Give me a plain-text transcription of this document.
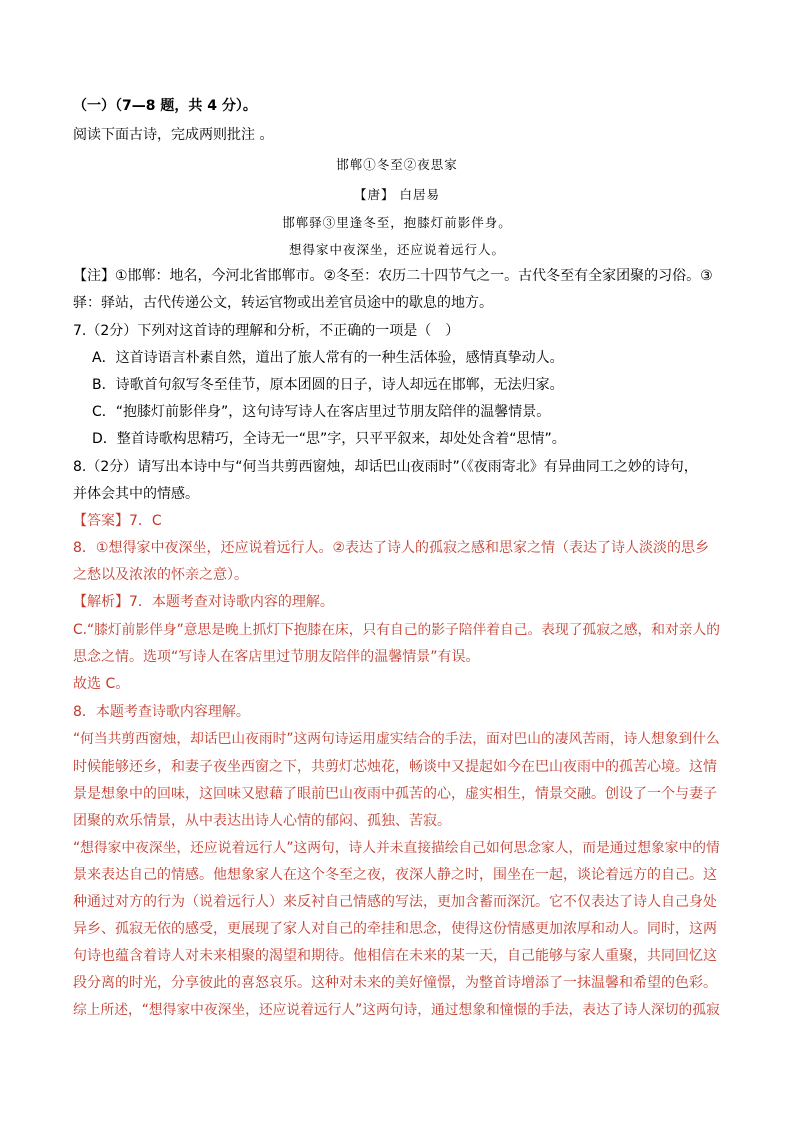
（一）（7—8 题，共 4 分）。
阅读下面古诗，完成两则批注 。
邯郸①冬至②夜思家
【唐】 白居易
邯郸驿③里逢冬至，抱膝灯前影伴身。
想得家中夜深坐，还应说着远行人。
【注】①邯郸：地名，今河北省邯郸市。②冬至：农历二十四节气之一。古代冬至有全家团聚的习俗。③
驿：驿站，古代传递公文，转运官物或出差官员途中的歇息的地方。
7.（2分）下列对这首诗的理解和分析，不正确的一项是（　）
A．这首诗语言朴素自然，道出了旅人常有的一种生活体验，感情真挚动人。
B．诗歌首句叙写冬至佳节，原本团圆的日子，诗人却远在邯郸，无法归家。
C．“抱膝灯前影伴身”，这句诗写诗人在客店里过节朋友陪伴的温馨情景。
D．整首诗歌构思精巧，全诗无一“思”字，只平平叙来，却处处含着“思情”。
8.（2分）请写出本诗中与“何当共剪西窗烛，却话巴山夜雨时”（《夜雨寄北》有异曲同工之妙的诗句，
并体会其中的情感。
【答案】7．C
8．①想得家中夜深坐，还应说着远行人。②表达了诗人的孤寂之感和思家之情（表达了诗人淡淡的思乡
之愁以及浓浓的怀亲之意）。
【解析】7．本题考查对诗歌内容的理解。
C.“膝灯前影伴身”意思是晚上抓灯下抱膝在床，只有自己的影子陪伴着自己。表现了孤寂之感，和对亲人的
思念之情。选项“写诗人在客店里过节朋友陪伴的温馨情景”有误。
故选 C。
8．本题考查诗歌内容理解。
“何当共剪西窗烛，却话巴山夜雨时”这两句诗运用虚实结合的手法，面对巴山的凄风苦雨，诗人想象到什么
时候能够还乡，和妻子夜坐西窗之下，共剪灯芯烛花，畅谈中又提起如今在巴山夜雨中的孤苦心境。这情
景是想象中的回味，这回味又慰藉了眼前巴山夜雨中孤苦的心，虚实相生，情景交融。创设了一个与妻子
团聚的欢乐情景，从中表达出诗人心情的郁闷、孤独、苦寂。
“想得家中夜深坐，还应说着远行人”这两句，诗人并未直接描绘自己如何思念家人，而是通过想象家中的情
景来表达自己的情感。他想象家人在这个冬至之夜，夜深人静之时，围坐在一起，谈论着远方的自己。这
种通过对方的行为（说着远行人）来反衬自己情感的写法，更加含蓄而深沉。它不仅表达了诗人自己身处
异乡、孤寂无依的感受，更展现了家人对自己的牵挂和思念，使得这份情感更加浓厚和动人。同时，这两
句诗也蕴含着诗人对未来相聚的渴望和期待。他相信在未来的某一天，自己能够与家人重聚，共同回忆这
段分离的时光，分享彼此的喜怒哀乐。这种对未来的美好憧憬，为整首诗增添了一抹温馨和希望的色彩。
综上所述，“想得家中夜深坐，还应说着远行人”这两句诗，通过想象和憧憬的手法，表达了诗人深切的孤寂
